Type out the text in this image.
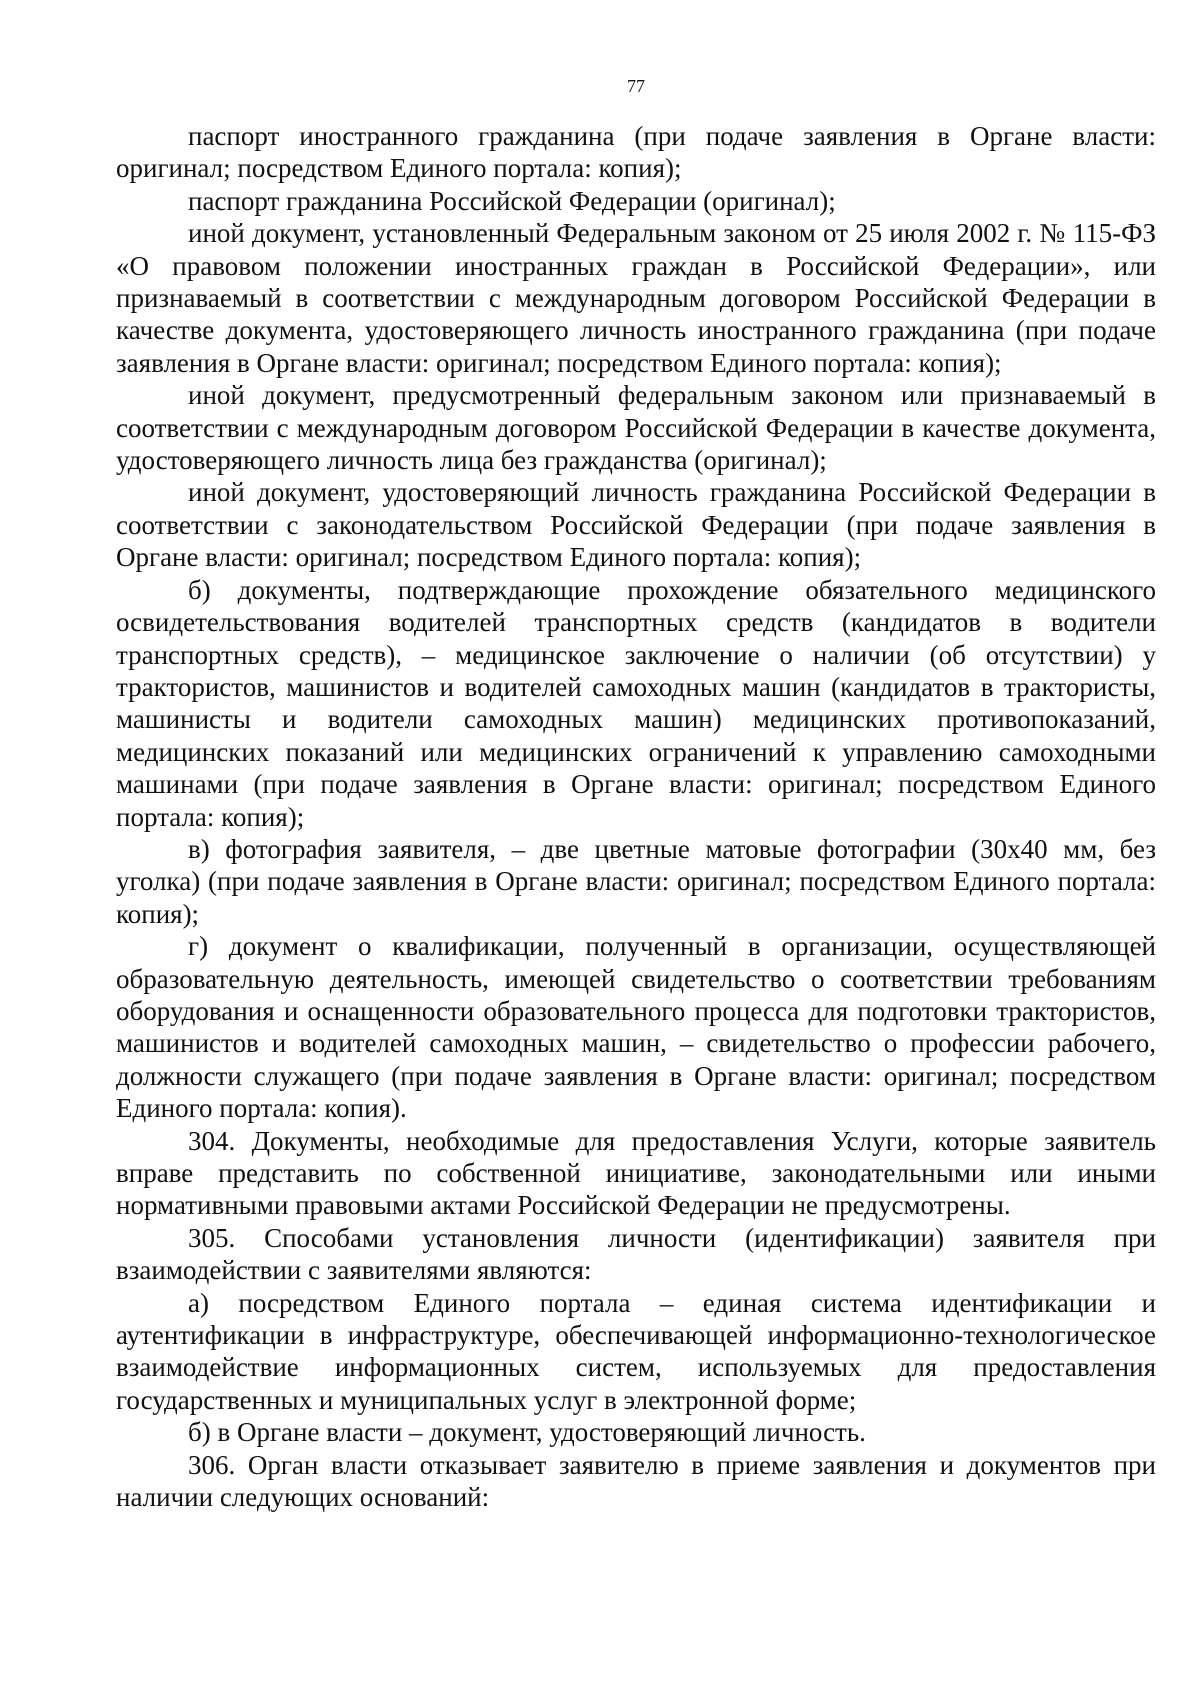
77

паспорт иностранного гражданина (при подаче заявления в Органе власти: оригинал; посредством Единого портала: копия);

паспорт гражданина Российской Федерации (оригинал);

иной документ, установленный Федеральным законом от 25 июля 2002 г. № 115-ФЗ «О правовом положении иностранных граждан в Российской Федерации», или признаваемый в соответствии с международным договором Российской Федерации в качестве документа, удостоверяющего личность иностранного гражданина (при подаче заявления в Органе власти: оригинал; посредством Единого портала: копия);

иной документ, предусмотренный федеральным законом или признаваемый в соответствии с международным договором Российской Федерации в качестве документа, удостоверяющего личность лица без гражданства (оригинал);

иной документ, удостоверяющий личность гражданина Российской Федерации в соответствии с законодательством Российской Федерации (при подаче заявления в Органе власти: оригинал; посредством Единого портала: копия);

б) документы, подтверждающие прохождение обязательного медицинского освидетельствования водителей транспортных средств (кандидатов в водители транспортных средств), – медицинское заключение о наличии (об отсутствии) у трактористов, машинистов и водителей самоходных машин (кандидатов в трактористы, машинисты и водители самоходных машин) медицинских противопоказаний, медицинских показаний или медицинских ограничений к управлению самоходными машинами (при подаче заявления в Органе власти: оригинал; посредством Единого портала: копия);

в) фотография заявителя, – две цветные матовые фотографии (30х40 мм, без уголка) (при подаче заявления в Органе власти: оригинал; посредством Единого портала: копия);

г) документ о квалификации, полученный в организации, осуществляющей образовательную деятельность, имеющей свидетельство о соответствии требованиям оборудования и оснащенности образовательного процесса для подготовки трактористов, машинистов и водителей самоходных машин, – свидетельство о профессии рабочего, должности служащего (при подаче заявления в Органе власти: оригинал; посредством Единого портала: копия).

304. Документы, необходимые для предоставления Услуги, которые заявитель вправе представить по собственной инициативе, законодательными или иными нормативными правовыми актами Российской Федерации не предусмотрены.

305. Способами установления личности (идентификации) заявителя при взаимодействии с заявителями являются:

а) посредством Единого портала – единая система идентификации и аутентификации в инфраструктуре, обеспечивающей информационно-технологическое взаимодействие информационных систем, используемых для предоставления государственных и муниципальных услуг в электронной форме;

б) в Органе власти – документ, удостоверяющий личность.

306. Орган власти отказывает заявителю в приеме заявления и документов при наличии следующих оснований:
